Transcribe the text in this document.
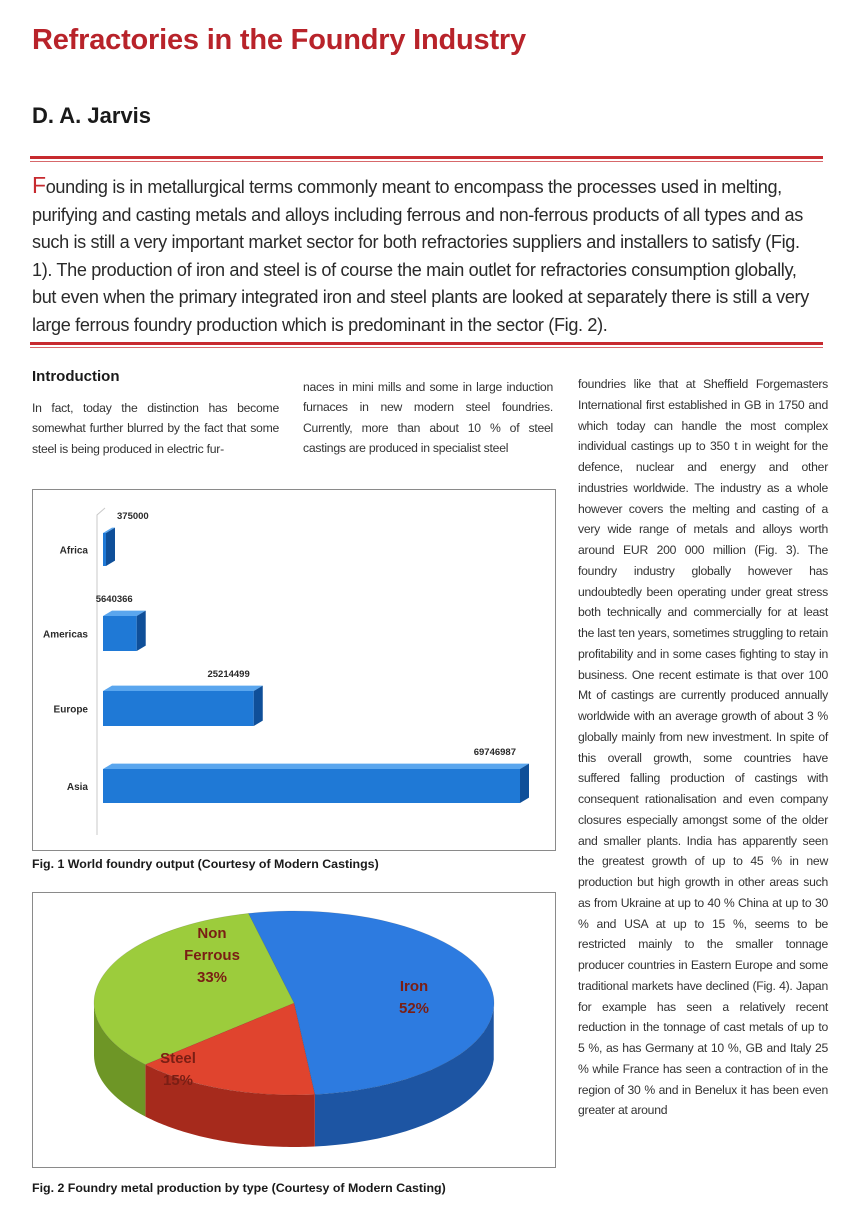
Refractories in the Foundry Industry
D. A. Jarvis

Founding is in metallurgical terms commonly meant to encompass the processes used in melting, purifying and casting metals and alloys including ferrous and non-ferrous products of all types and as such is still a very important market sector for both refractories suppliers and installers to satisfy (Fig. 1). The production of iron and steel is of course the main outlet for refractories consumption globally, but even when the primary integrated iron and steel plants are looked at separately there is still a very large ferrous foundry production which is predominant in the sector (Fig. 2).

Introduction

In fact, today the distinction has become somewhat further blurred by the fact that some steel is being produced in electric fur-

naces in mini mills and some in large induction furnaces in new modern steel foundries. Currently, more than about 10 % of steel castings are produced in specialist steel

foundries like that at Sheffield Forgemasters International first established in GB in 1750 and which today can handle the most complex individual castings up to 350 t in weight for the defence, nuclear and energy and other industries worldwide. The industry as a whole however covers the melting and casting of a very wide range of metals and alloys worth around EUR 200 000 million (Fig. 3). The foundry industry globally however has undoubtedly been operating under great stress both technically and commercially for at least the last ten years, sometimes struggling to retain profitability and in some cases fighting to stay in business. One recent estimate is that over 100 Mt of castings are currently produced annually worldwide with an average growth of about 3 % globally mainly from new investment. In spite of this overall growth, some countries have suffered falling production of castings with consequent rationalisation and even company closures especially amongst some of the older and smaller plants. India has apparently seen the greatest growth of up to 45 % in new production but high growth in other areas such as from Ukraine at up to 40 % China at up to 30 % and USA at up to 15 %, seems to be restricted mainly to the smaller tonnage producer countries in Eastern Europe and some traditional markets have declined (Fig. 4). Japan for example has seen a relatively recent reduction in the tonnage of cast metals of up to 5 %, as has Germany at 10 %, GB and Italy 25 % while France has seen a contraction of in the region of 30 % and in Benelux it has been even greater at around

Africa
375000
Americas
5640366
Europe
25214499
Asia
69746987

Fig. 1 World foundry output (Courtesy of Modern Castings)

Iron 52%
Steel 15%
Non Ferrous 33%

Fig. 2 Foundry metal production by type (Courtesy of Modern Casting)
